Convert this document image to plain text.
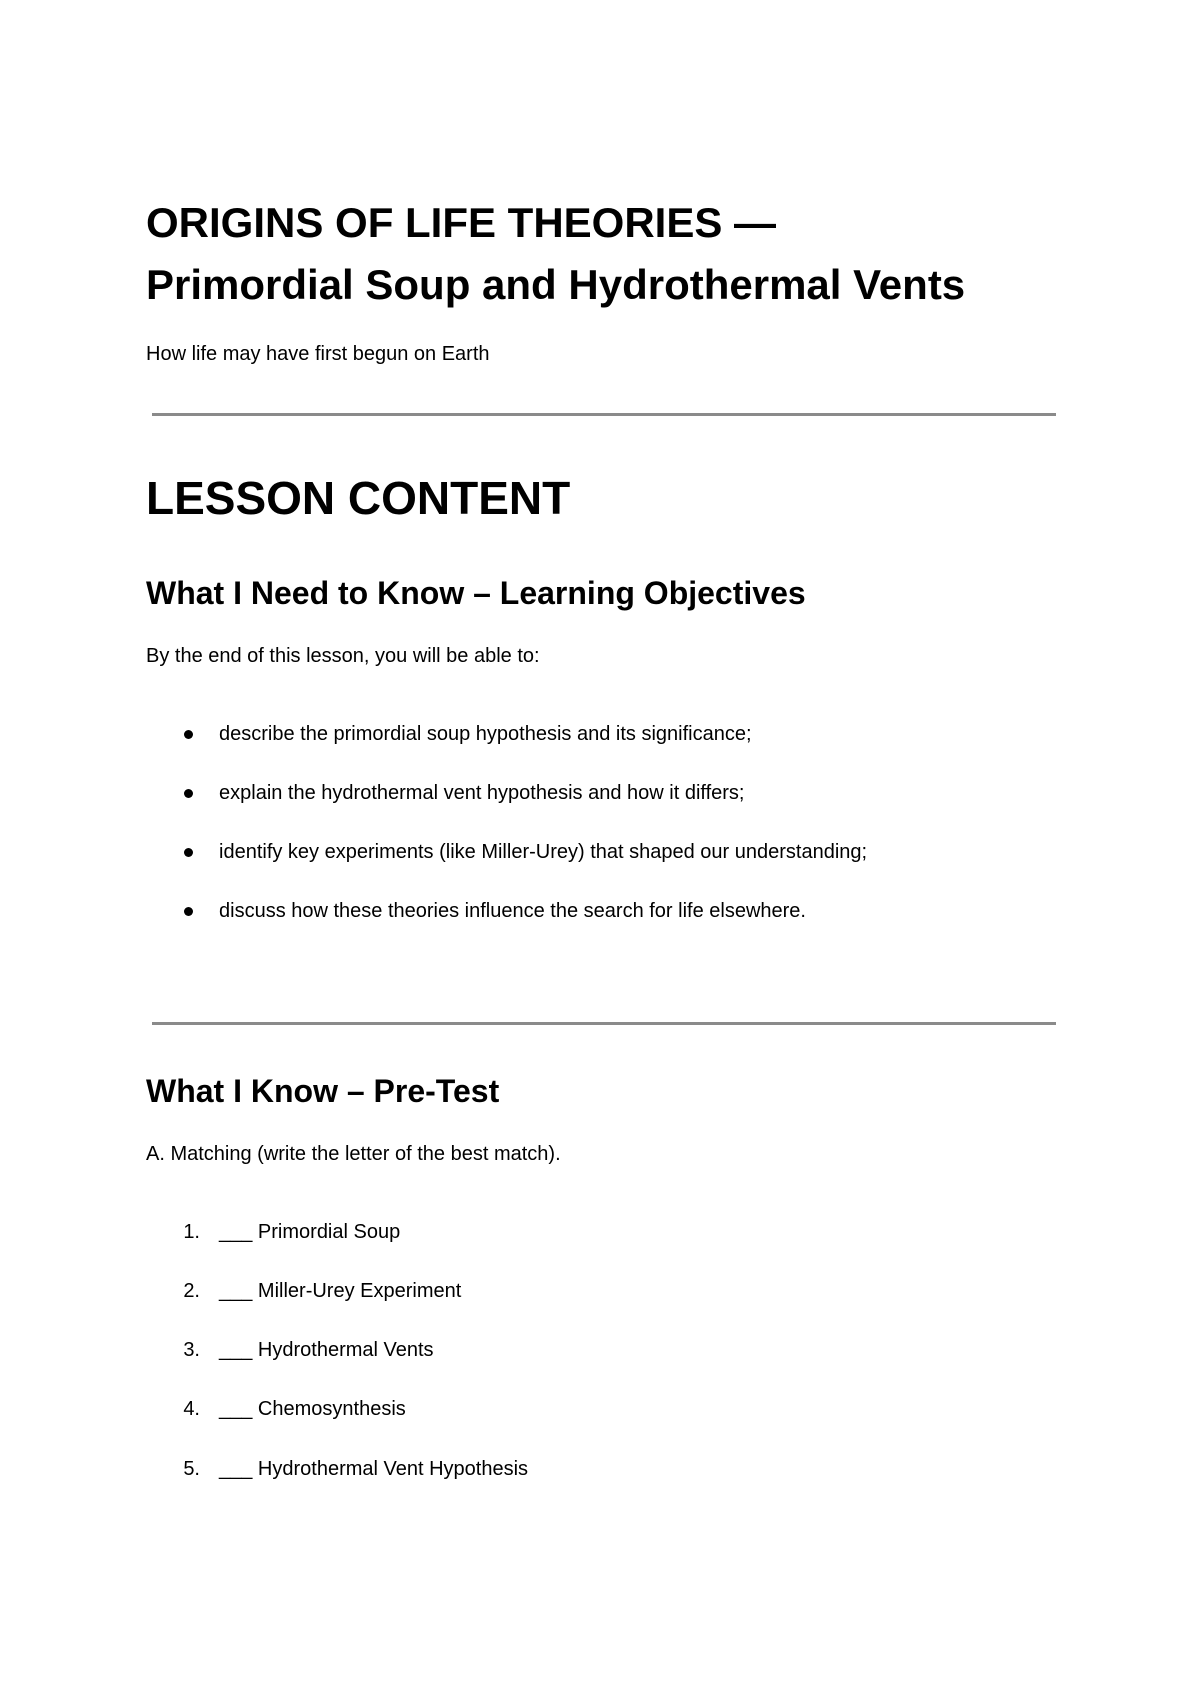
ORIGINS OF LIFE THEORIES —
Primordial Soup and Hydrothermal Vents

How life may have first begun on Earth

LESSON CONTENT
What I Need to Know – Learning Objectives

By the end of this lesson, you will be able to:

describe the primordial soup hypothesis and its significance;
explain the hydrothermal vent hypothesis and how it differs;
identify key experiments (like Miller-Urey) that shaped our understanding;
discuss how these theories influence the search for life elsewhere.
What I Know – Pre-Test

A. Matching (write the letter of the best match).

1. ___ Primordial Soup
2. ___ Miller-Urey Experiment
3. ___ Hydrothermal Vents
4. ___ Chemosynthesis
5. ___ Hydrothermal Vent Hypothesis
